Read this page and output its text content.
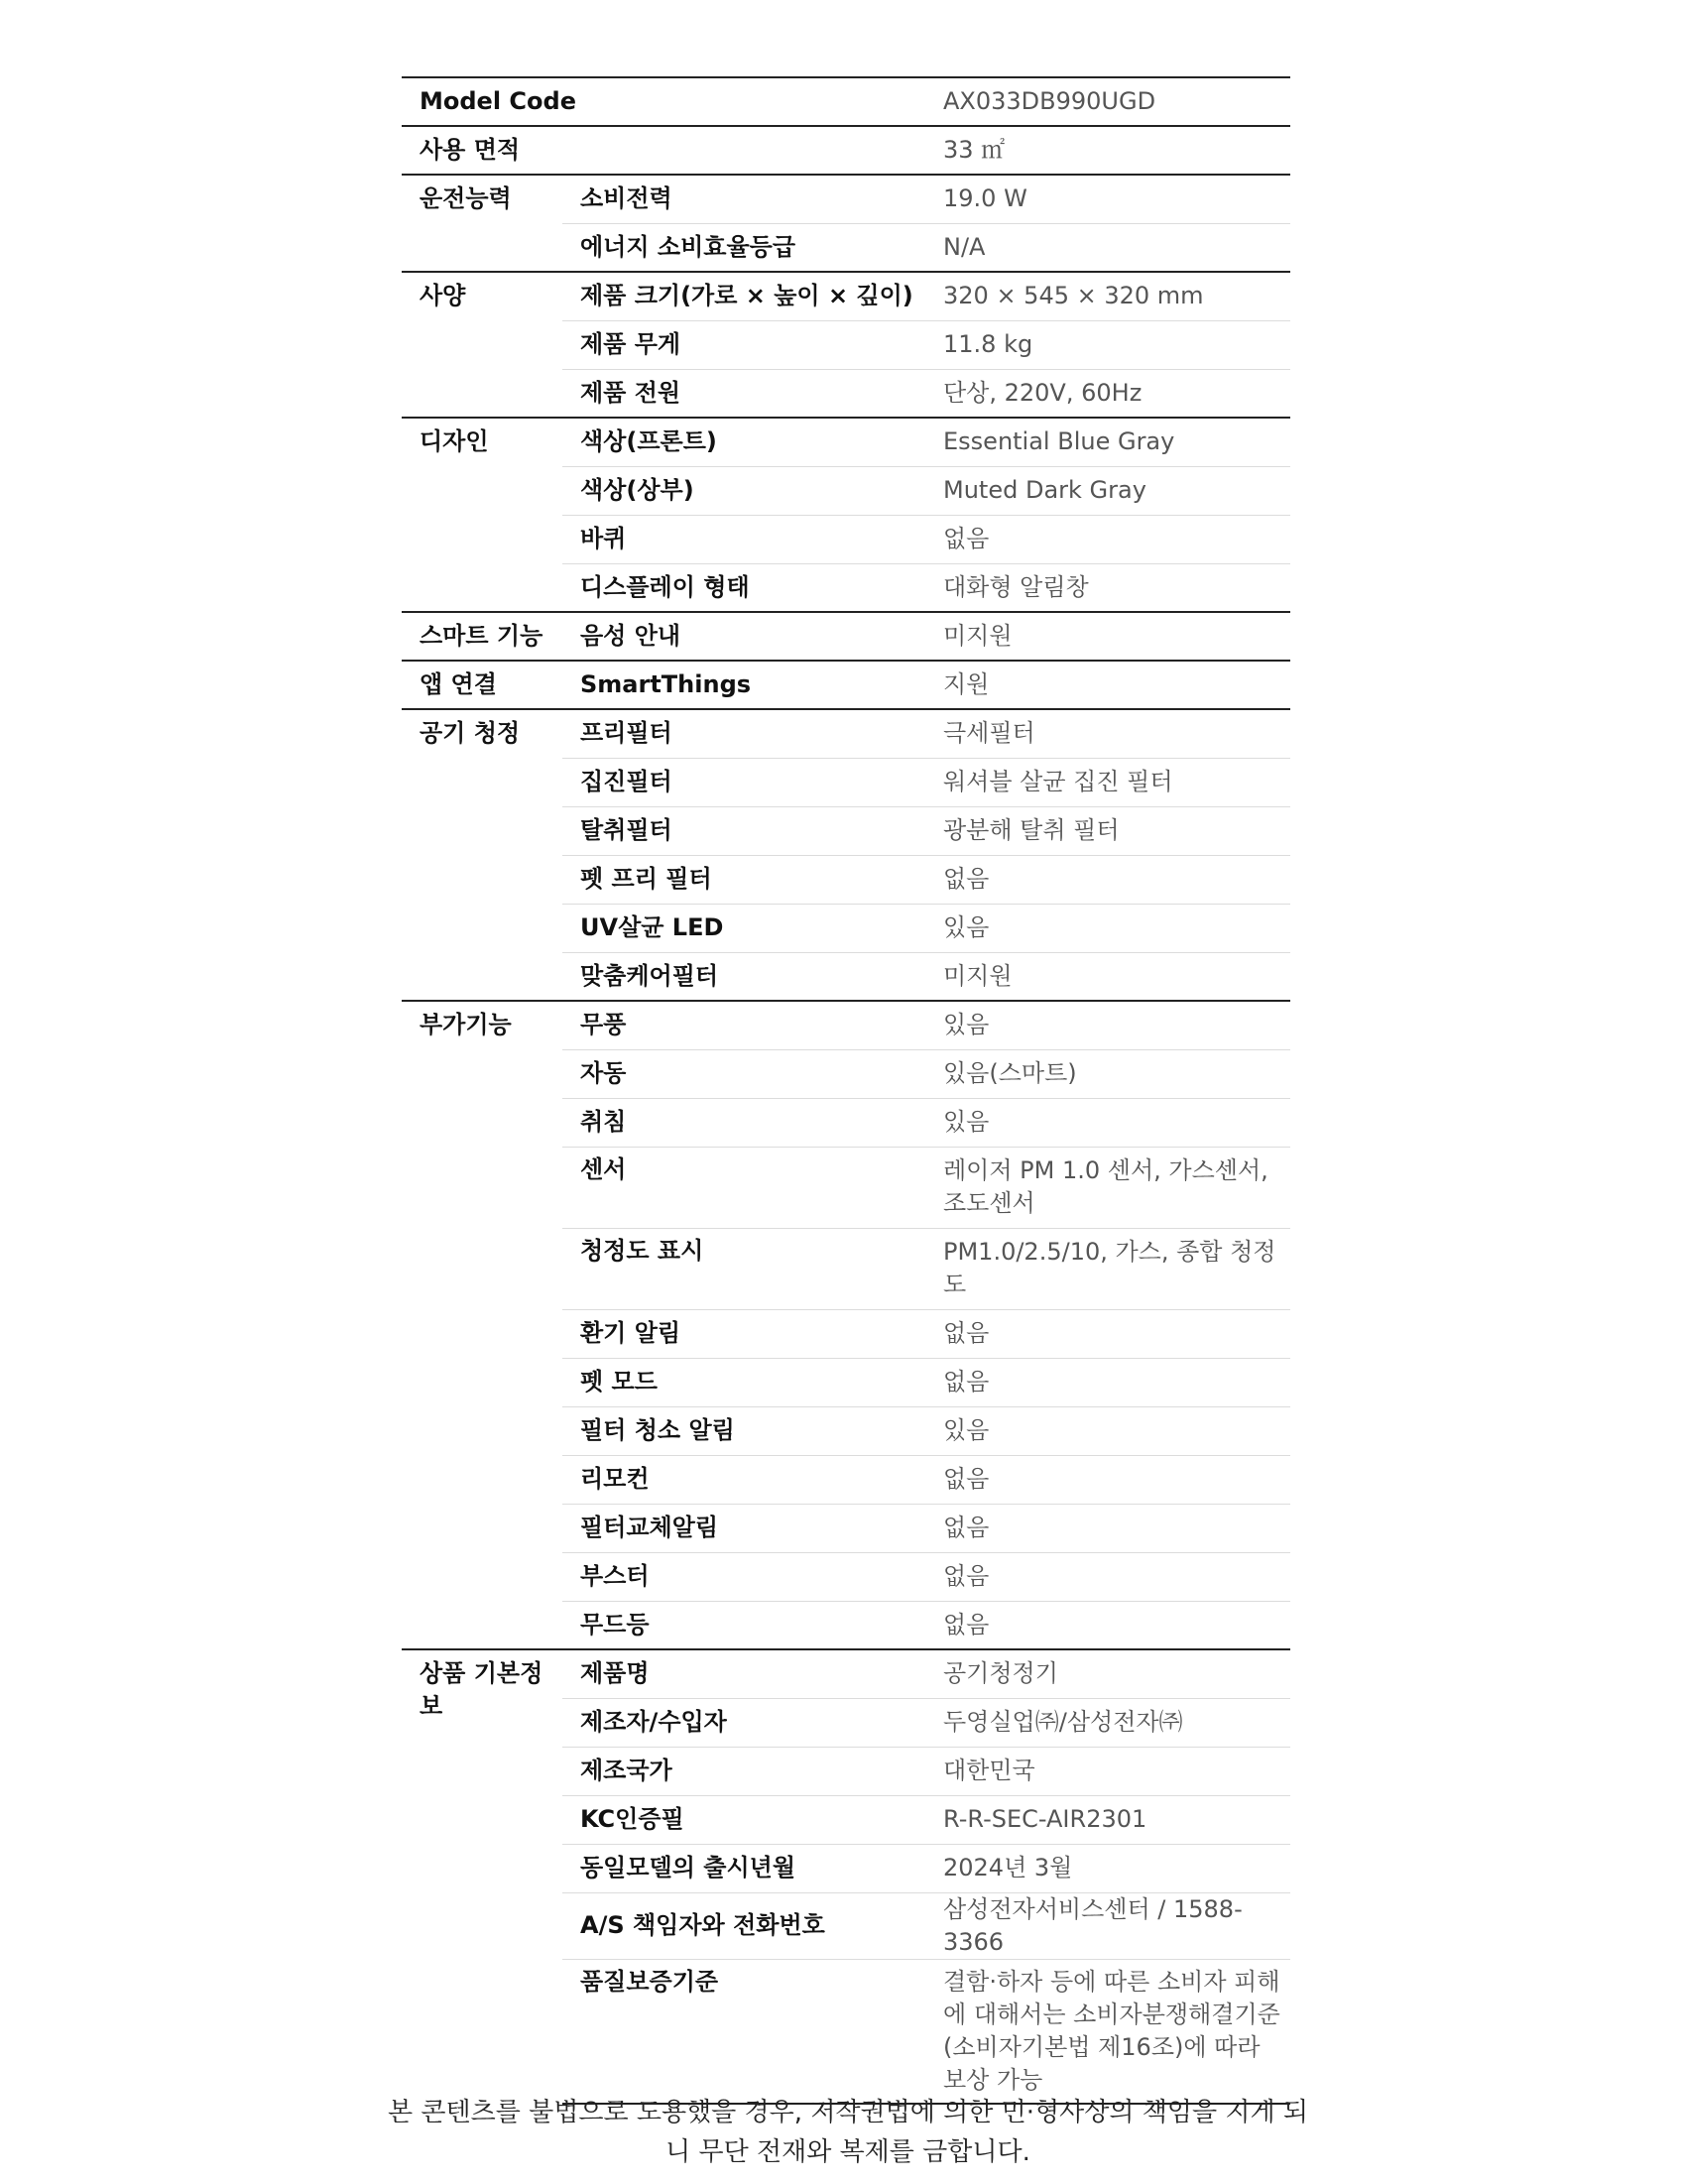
Model Code		AX033DB990UGD
사용 면적		33 ㎡
운전능력	소비전력	19.0 W
	에너지 소비효율등급	N/A
사양	제품 크기(가로 × 높이 × 깊이)	320 × 545 × 320 mm
	제품 무게	11.8 kg
	제품 전원	단상, 220V, 60Hz
디자인	색상(프론트)	Essential Blue Gray
	색상(상부)	Muted Dark Gray
	바퀴	없음
	디스플레이 형태	대화형 알림창
스마트 기능	음성 안내	미지원
앱 연결	SmartThings	지원
공기 청정	프리필터	극세필터
	집진필터	워셔블 살균 집진 필터
	탈취필터	광분해 탈취 필터
	펫 프리 필터	없음
	UV살균 LED	있음
	맞춤케어필터	미지원
부가기능	무풍	있음
	자동	있음(스마트)
	취침	있음
	센서	레이저 PM 1.0 센서, 가스센서, 조도센서
	청정도 표시	PM1.0/2.5/10, 가스, 종합 청정도
	환기 알림	없음
	펫 모드	없음
	필터 청소 알림	있음
	리모컨	없음
	필터교체알림	없음
	부스터	없음
	무드등	없음
상품 기본정보	제품명	공기청정기
	제조자/수입자	두영실업㈜/삼성전자㈜
	제조국가	대한민국
	KC인증필	R-R-SEC-AIR2301
	동일모델의 출시년월	2024년 3월
	A/S 책임자와 전화번호	삼성전자서비스센터 / 1588-3366
	품질보증기준	결함·하자 등에 따른 소비자 피해에 대해서는 소비자분쟁해결기준(소비자기본법 제16조)에 따라 보상 가능
본 콘텐츠를 불법으로 도용했을 경우, 저작권법에 의한 민·형사상의 책임을 지게 되니 무단 전재와 복제를 금합니다.
